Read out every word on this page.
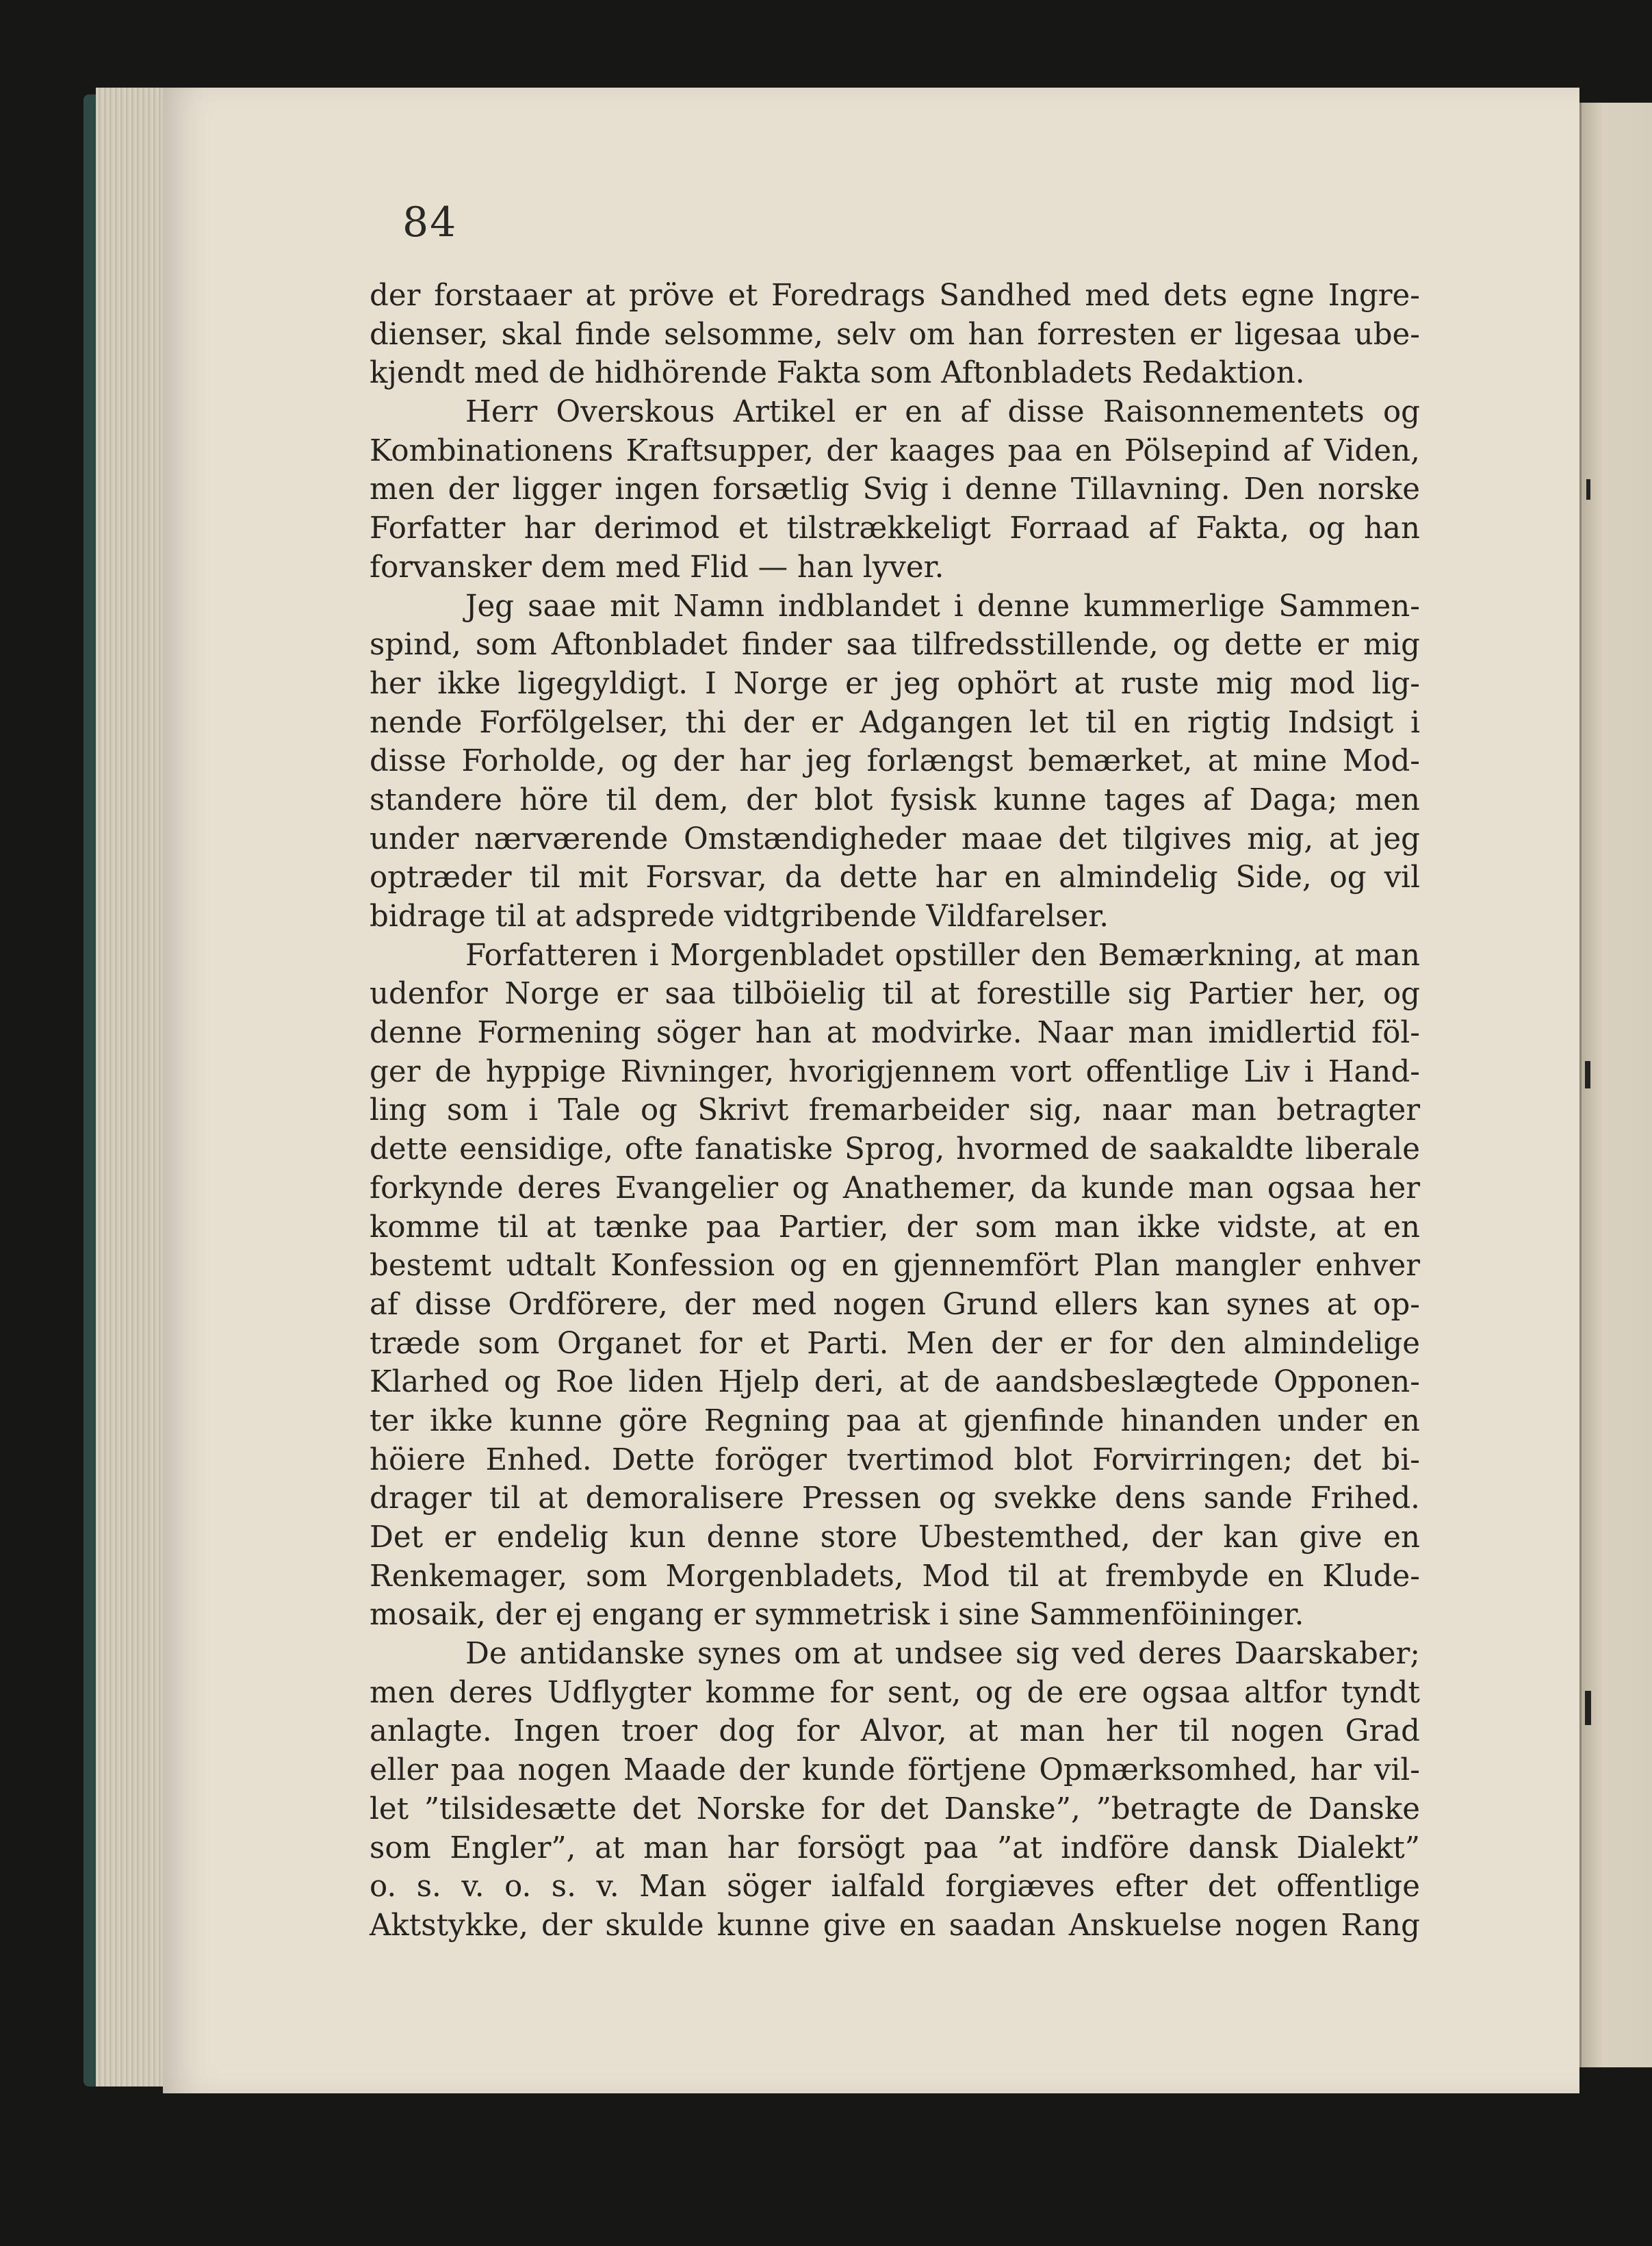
84
der forstaaer at pröve et Foredrags Sandhed med dets egne Ingre-
dienser, skal finde selsomme, selv om han forresten er ligesaa ube-
kjendt med de hidhörende Fakta som Aftonbladets Redaktion.
Herr Overskous Artikel er en af disse Raisonnementets og
Kombinationens Kraftsupper, der kaages paa en Pölsepind af Viden,
men der ligger ingen forsætlig Svig i denne Tillavning. Den norske
Forfatter har derimod et tilstrækkeligt Forraad af Fakta, og han
forvansker dem med Flid — han lyver.
Jeg saae mit Namn indblandet i denne kummerlige Sammen-
spind, som Aftonbladet finder saa tilfredsstillende, og dette er mig
her ikke ligegyldigt. I Norge er jeg ophört at ruste mig mod lig-
nende Forfölgelser, thi der er Adgangen let til en rigtig Indsigt i
disse Forholde, og der har jeg forlængst bemærket, at mine Mod-
standere höre til dem, der blot fysisk kunne tages af Daga; men
under nærværende Omstændigheder maae det tilgives mig, at jeg
optræder til mit Forsvar, da dette har en almindelig Side, og vil
bidrage til at adsprede vidtgribende Vildfarelser.
Forfatteren i Morgenbladet opstiller den Bemærkning, at man
udenfor Norge er saa tilböielig til at forestille sig Partier her, og
denne Formening söger han at modvirke. Naar man imidlertid föl-
ger de hyppige Rivninger, hvorigjennem vort offentlige Liv i Hand-
ling som i Tale og Skrivt fremarbeider sig, naar man betragter
dette eensidige, ofte fanatiske Sprog, hvormed de saakaldte liberale
forkynde deres Evangelier og Anathemer, da kunde man ogsaa her
komme til at tænke paa Partier, der som man ikke vidste, at en
bestemt udtalt Konfession og en gjennemfört Plan mangler enhver
af disse Ordförere, der med nogen Grund ellers kan synes at op-
træde som Organet for et Parti. Men der er for den almindelige
Klarhed og Roe liden Hjelp deri, at de aandsbeslægtede Opponen-
ter ikke kunne göre Regning paa at gjenfinde hinanden under en
höiere Enhed. Dette foröger tvertimod blot Forvirringen; det bi-
drager til at demoralisere Pressen og svekke dens sande Frihed.
Det er endelig kun denne store Ubestemthed, der kan give en
Renkemager, som Morgenbladets, Mod til at frembyde en Klude-
mosaik, der ej engang er symmetrisk i sine Sammenföininger.
De antidanske synes om at undsee sig ved deres Daarskaber;
men deres Udflygter komme for sent, og de ere ogsaa altfor tyndt
anlagte. Ingen troer dog for Alvor, at man her til nogen Grad
eller paa nogen Maade der kunde förtjene Opmærksomhed, har vil-
let ”tilsidesætte det Norske for det Danske”, ”betragte de Danske
som Engler”, at man har forsögt paa ”at indföre dansk Dialekt”
o. s. v. o. s. v. Man söger ialfald forgiæves efter det offentlige
Aktstykke, der skulde kunne give en saadan Anskuelse nogen Rang
